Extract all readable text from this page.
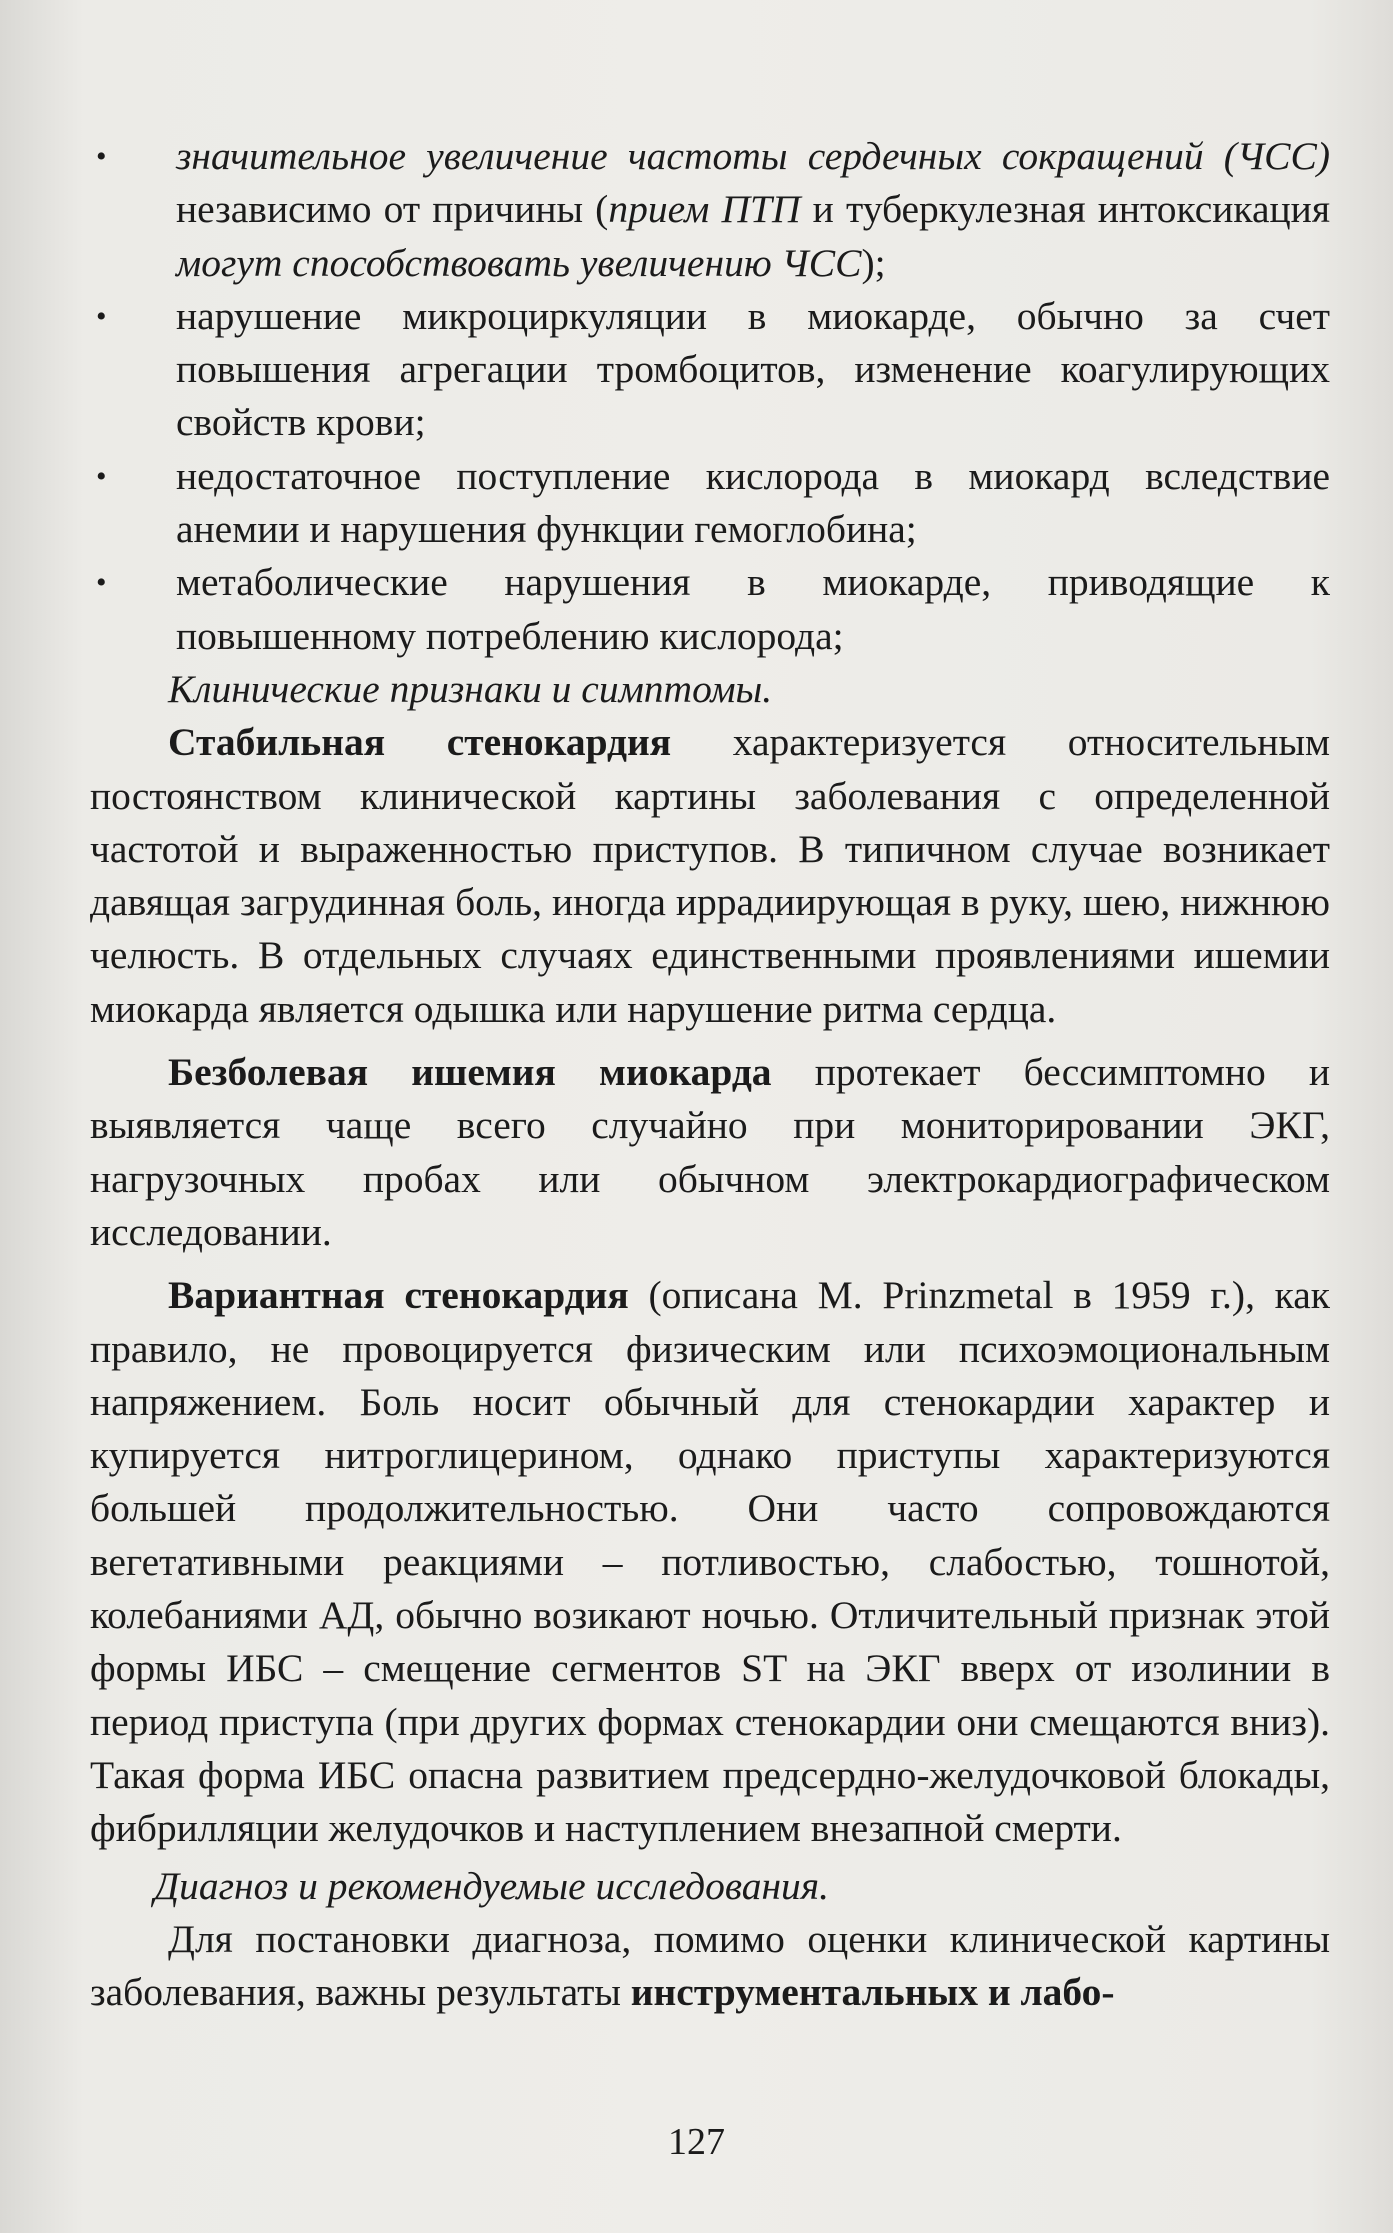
• значительное увеличение частоты сердечных сокращений (ЧСС) независимо от причины (прием ПТП и туберкулезная интоксикация могут способствовать увеличению ЧСС);
• нарушение микроциркуляции в миокарде, обычно за счет повышения агрегации тромбоцитов, изменение коагулирующих свойств крови;
• недостаточное поступление кислорода в миокард вследствие анемии и нарушения функции гемоглобина;
• метаболические нарушения в миокарде, приводящие к повышенному потреблению кислорода;

Клинические признаки и симптомы.

Стабильная стенокардия характеризуется относительным постоянством клинической картины заболевания с определенной частотой и выраженностью приступов. В типичном случае возникает давящая загрудинная боль, иногда иррадиирующая в руку, шею, нижнюю челюсть. В отдельных случаях единственными проявлениями ишемии миокарда является одышка или нарушение ритма сердца.

Безболевая ишемия миокарда протекает бессимптомно и выявляется чаще всего случайно при мониторировании ЭКГ, нагрузочных пробах или обычном электрокардиографическом исследовании.

Вариантная стенокардия (описана M. Prinzmetal в 1959 г.), как правило, не провоцируется физическим или психоэмоциональным напряжением. Боль носит обычный для стенокардии характер и купируется нитроглицерином, однако приступы характеризуются большей продолжительностью. Они часто сопровождаются вегетативными реакциями – потливостью, слабостью, тошнотой, колебаниями АД, обычно возикают ночью. Отличительный признак этой формы ИБС – смещение сегментов ST на ЭКГ вверх от изолинии в период приступа (при других формах стенокардии они смещаются вниз). Такая форма ИБС опасна развитием предсердно-желудочковой блокады, фибрилляции желудочков и наступлением внезапной смерти.

Диагноз и рекомендуемые исследования.

Для постановки диагноза, помимо оценки клинической картины заболевания, важны результаты инструментальных и лабо-

127
